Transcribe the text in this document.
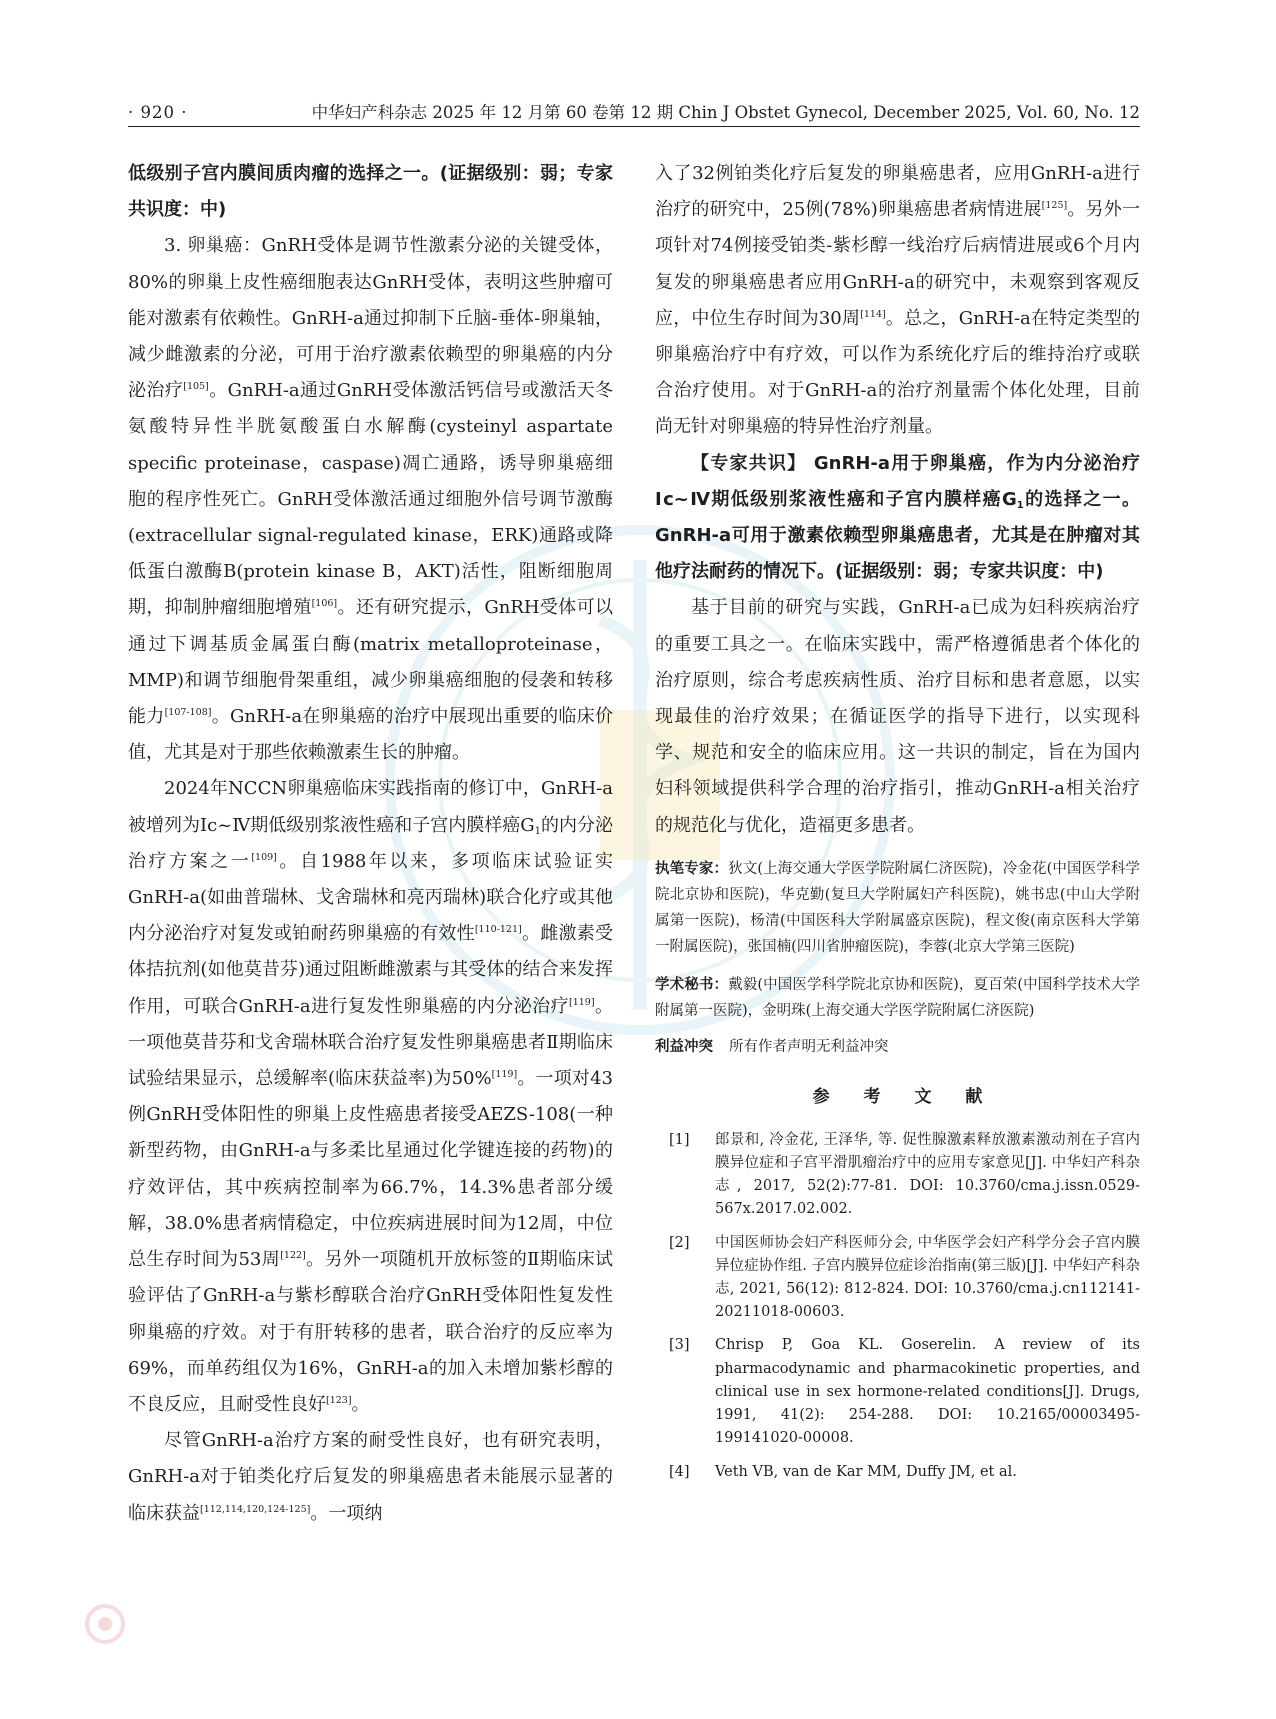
· 920 ·	中华妇产科杂志 2025 年 12 月第 60 卷第 12 期 Chin J Obstet Gynecol, December 2025, Vol. 60, No. 12

低级别子宫内膜间质肉瘤的选择之一。(证据级别：弱；专家共识度：中)

3. 卵巢癌：GnRH受体是调节性激素分泌的关键受体，80%的卵巢上皮性癌细胞表达GnRH受体，表明这些肿瘤可能对激素有依赖性。GnRH-a通过抑制下丘脑-垂体-卵巢轴，减少雌激素的分泌，可用于治疗激素依赖型的卵巢癌的内分泌治疗[105]。GnRH-a通过GnRH受体激活钙信号或激活天冬氨酸特异性半胱氨酸蛋白水解酶(cysteinyl aspartate specific proteinase，caspase)凋亡通路，诱导卵巢癌细胞的程序性死亡。GnRH受体激活通过细胞外信号调节激酶(extracellular signal-regulated kinase，ERK)通路或降低蛋白激酶B(protein kinase B，AKT)活性，阻断细胞周期，抑制肿瘤细胞增殖[106]。还有研究提示，GnRH受体可以通过下调基质金属蛋白酶(matrix metalloproteinase，MMP)和调节细胞骨架重组，减少卵巢癌细胞的侵袭和转移能力[107-108]。GnRH-a在卵巢癌的治疗中展现出重要的临床价值，尤其是对于那些依赖激素生长的肿瘤。

2024年NCCN卵巢癌临床实践指南的修订中，GnRH-a被增列为Ⅰc~Ⅳ期低级别浆液性癌和子宫内膜样癌$G_1$的内分泌治疗方案之一[109]。自1988年以来，多项临床试验证实GnRH-a(如曲普瑞林、戈舍瑞林和亮丙瑞林)联合化疗或其他内分泌治疗对复发或铂耐药卵巢癌的有效性[110-121]。雌激素受体拮抗剂(如他莫昔芬)通过阻断雌激素与其受体的结合来发挥作用，可联合GnRH-a进行复发性卵巢癌的内分泌治疗[119]。一项他莫昔芬和戈舍瑞林联合治疗复发性卵巢癌患者Ⅱ期临床试验结果显示，总缓解率(临床获益率)为50%[119]。一项对43例GnRH受体阳性的卵巢上皮性癌患者接受AEZS-108(一种新型药物，由GnRH-a与多柔比星通过化学键连接的药物)的疗效评估，其中疾病控制率为66.7%，14.3%患者部分缓解，38.0%患者病情稳定，中位疾病进展时间为12周，中位总生存时间为53周[122]。另外一项随机开放标签的Ⅱ期临床试验评估了GnRH-a与紫杉醇联合治疗GnRH受体阳性复发性卵巢癌的疗效。对于有肝转移的患者，联合治疗的反应率为69%，而单药组仅为16%，GnRH-a的加入未增加紫杉醇的不良反应，且耐受性良好[123]。

尽管GnRH-a治疗方案的耐受性良好，也有研究表明，GnRH-a对于铂类化疗后复发的卵巢癌患者未能展示显著的临床获益[112,114,120,124-125]。一项纳

入了32例铂类化疗后复发的卵巢癌患者，应用GnRH-a进行治疗的研究中，25例(78%)卵巢癌患者病情进展[125]。另外一项针对74例接受铂类-紫杉醇一线治疗后病情进展或6个月内复发的卵巢癌患者应用GnRH-a的研究中，未观察到客观反应，中位生存时间为30周[114]。总之，GnRH-a在特定类型的卵巢癌治疗中有疗效，可以作为系统化疗后的维持治疗或联合治疗使用。对于GnRH-a的治疗剂量需个体化处理，目前尚无针对卵巢癌的特异性治疗剂量。

【专家共识】 GnRH-a用于卵巢癌，作为内分泌治疗Ⅰc~Ⅳ期低级别浆液性癌和子宫内膜样癌$G_1$的选择之一。GnRH-a可用于激素依赖型卵巢癌患者，尤其是在肿瘤对其他疗法耐药的情况下。(证据级别：弱；专家共识度：中)

基于目前的研究与实践，GnRH-a已成为妇科疾病治疗的重要工具之一。在临床实践中，需严格遵循患者个体化的治疗原则，综合考虑疾病性质、治疗目标和患者意愿，以实现最佳的治疗效果；在循证医学的指导下进行，以实现科学、规范和安全的临床应用。这一共识的制定，旨在为国内妇科领域提供科学合理的治疗指引，推动GnRH-a相关治疗的规范化与优化，造福更多患者。

执笔专家：狄文(上海交通大学医学院附属仁济医院)，冷金花(中国医学科学院北京协和医院)，华克勤(复旦大学附属妇产科医院)，姚书忠(中山大学附属第一医院)，杨清(中国医科大学附属盛京医院)，程文俊(南京医科大学第一附属医院)，张国楠(四川省肿瘤医院)，李蓉(北京大学第三医院)

学术秘书：戴毅(中国医学科学院北京协和医院)，夏百荣(中国科学技术大学附属第一医院)，金明珠(上海交通大学医学院附属仁济医院)

利益冲突 所有作者声明无利益冲突

参 考 文 献
[1] 郎景和, 冷金花, 王泽华, 等. 促性腺激素释放激素激动剂在子宫内膜异位症和子宫平滑肌瘤治疗中的应用专家意见[J]. 中华妇产科杂志, 2017, 52(2):77-81. DOI: 10.3760/cma.j.issn.0529-567x.2017.02.002.
[2] 中国医师协会妇产科医师分会, 中华医学会妇产科学分会子宫内膜异位症协作组. 子宫内膜异位症诊治指南(第三版)[J]. 中华妇产科杂志, 2021, 56(12): 812-824. DOI: 10.3760/cma.j.cn112141-20211018-00603.
[3] Chrisp P, Goa KL. Goserelin. A review of its pharmacodynamic and pharmacokinetic properties, and clinical use in sex hormone-related conditions[J]. Drugs, 1991, 41(2): 254-288. DOI: 10.2165/00003495-199141020-00008.
[4] Veth VB, van de Kar MM, Duffy JM, et al.
